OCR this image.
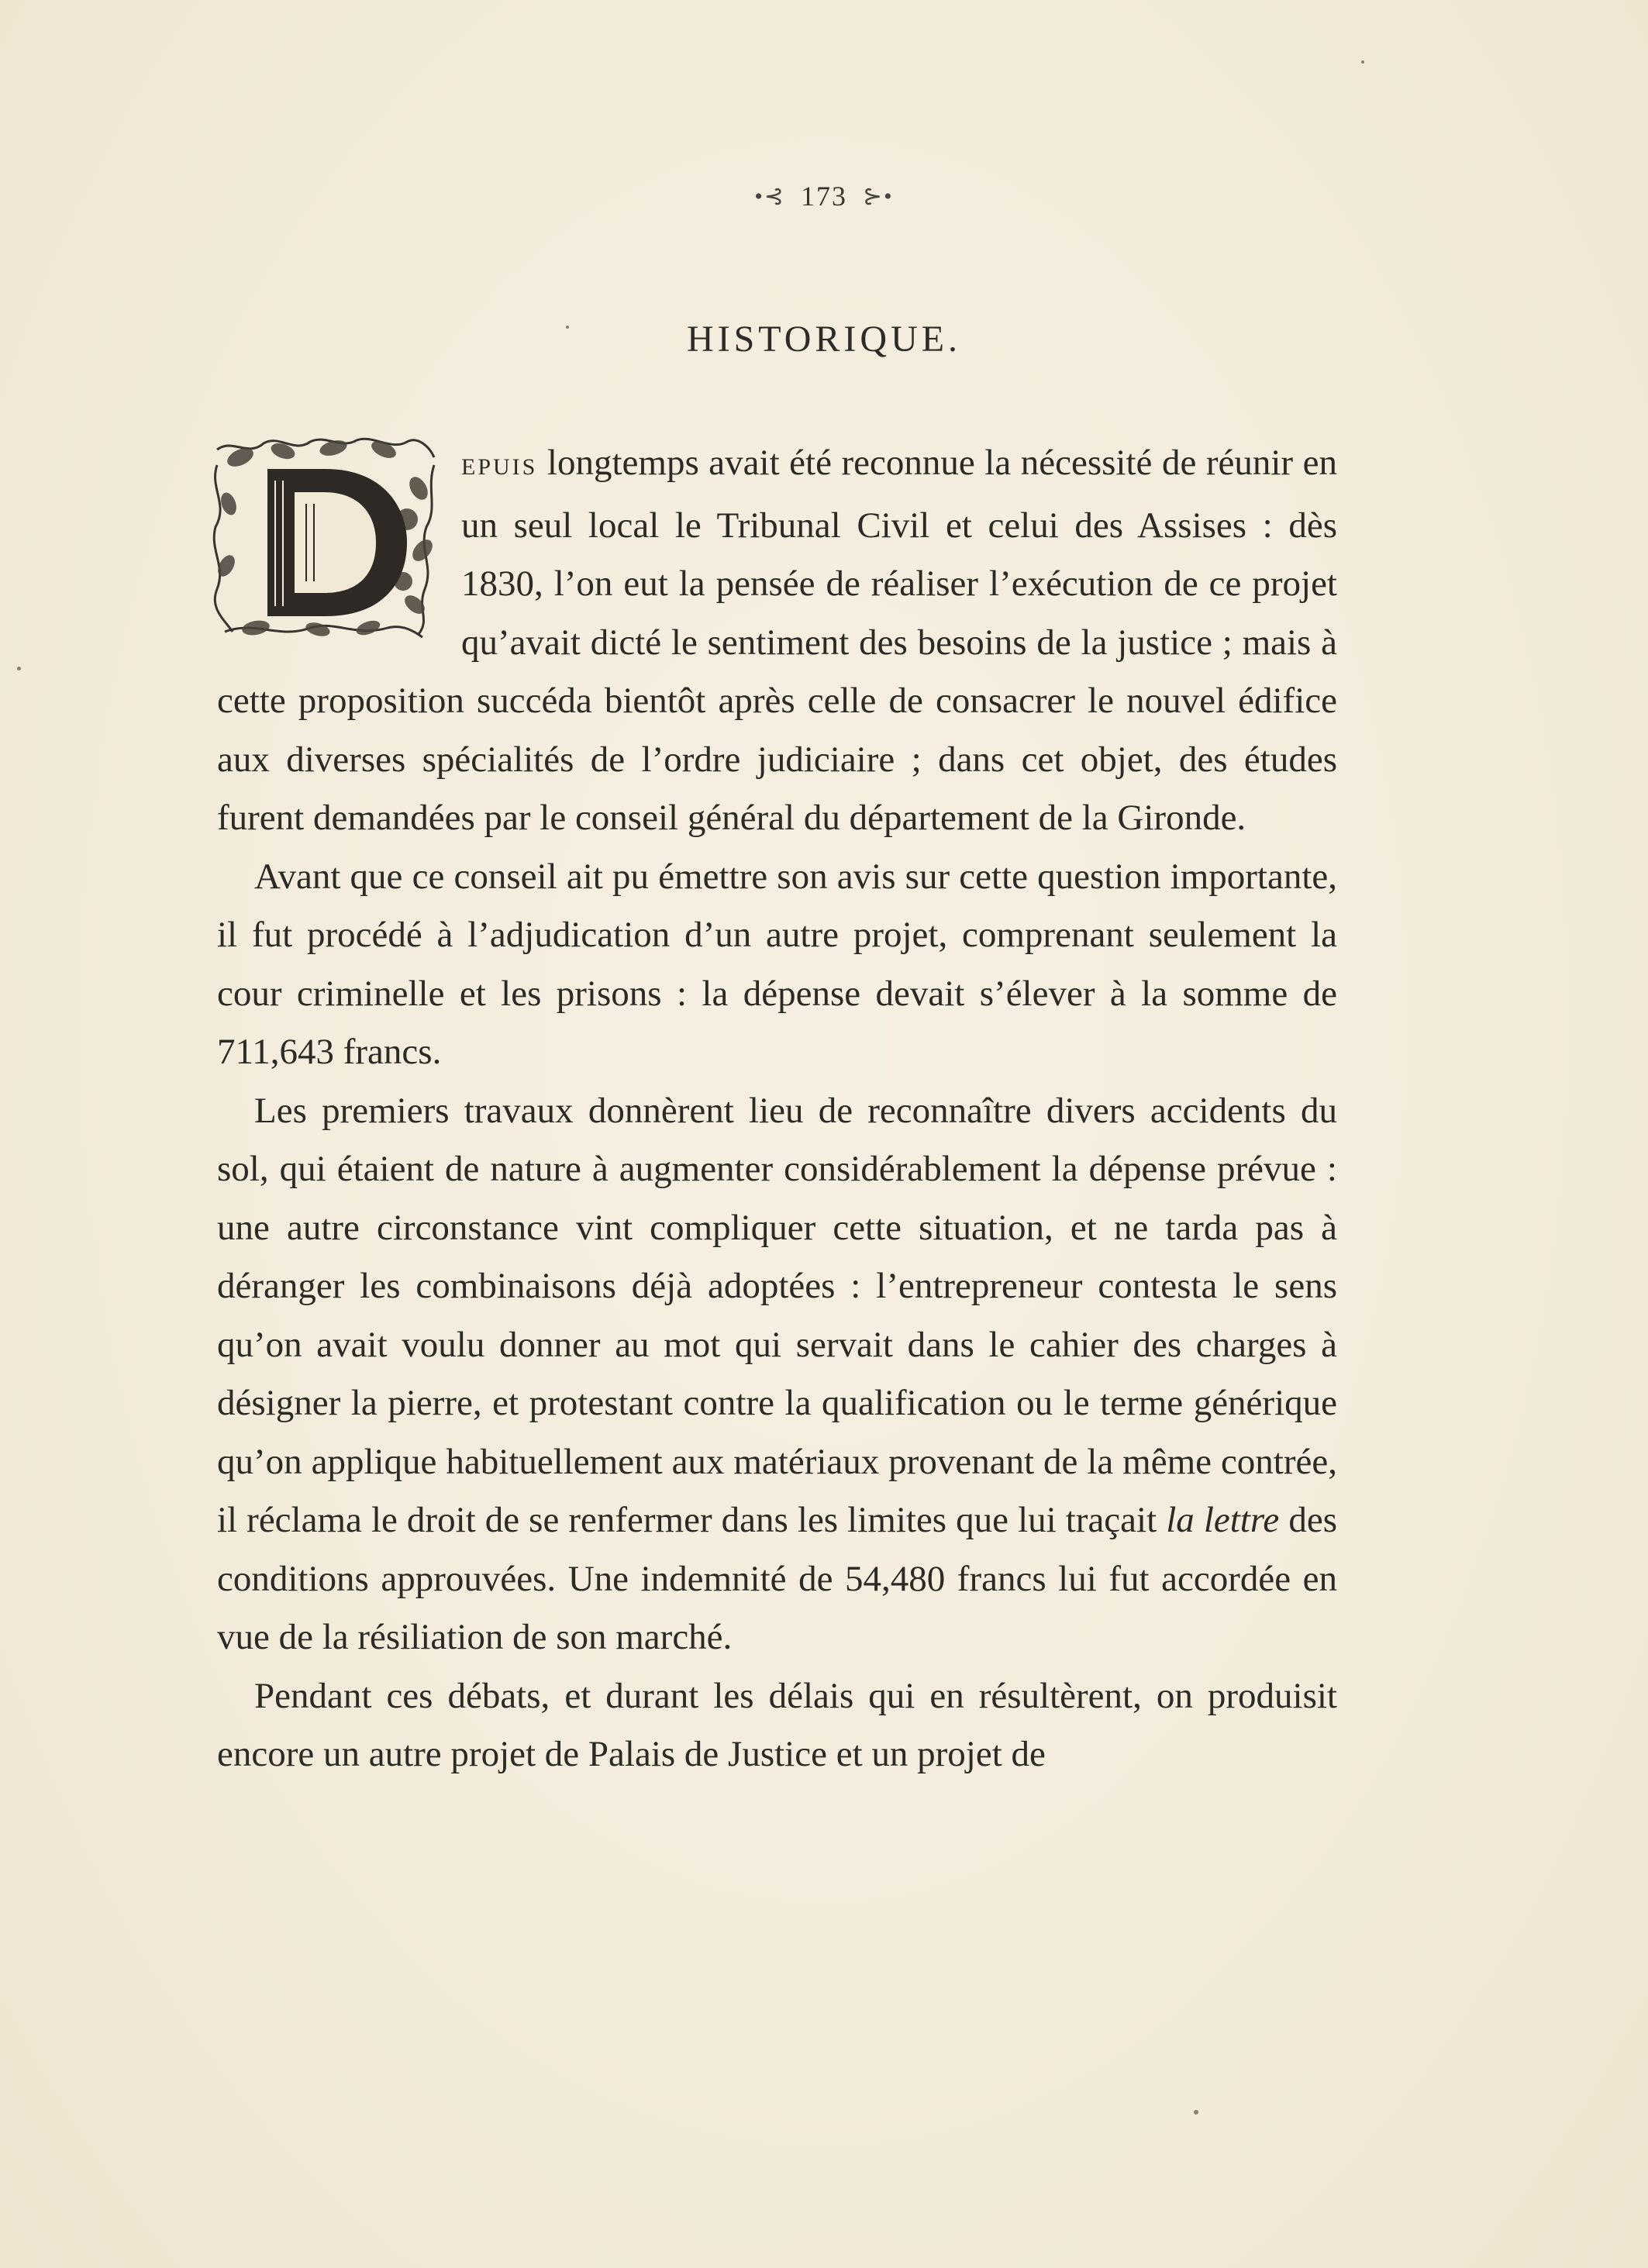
•⊰ 173 ⊱•
HISTORIQUE.

EPUIS longtemps avait été reconnue la nécessité de réunir en un seul local le Tribunal Civil et celui des Assises : dès 1830, l’on eut la pensée de réaliser l’exécution de ce projet qu’avait dicté le sentiment des besoins de la justice ; mais à cette proposition succéda bientôt après celle de consacrer le nouvel édifice aux diverses spécialités de l’ordre judiciaire ; dans cet objet, des études furent demandées par le conseil général du département de la Gironde.

Avant que ce conseil ait pu émettre son avis sur cette question importante, il fut procédé à l’adjudication d’un autre projet, comprenant seulement la cour criminelle et les prisons : la dépense devait s’élever à la somme de 711,643 francs.

Les premiers travaux donnèrent lieu de reconnaître divers accidents du sol, qui étaient de nature à augmenter considérablement la dépense prévue : une autre circonstance vint compliquer cette situation, et ne tarda pas à déranger les combinaisons déjà adoptées : l’entrepreneur contesta le sens qu’on avait voulu donner au mot qui servait dans le cahier des charges à désigner la pierre, et protestant contre la qualification ou le terme générique qu’on applique habituellement aux matériaux provenant de la même contrée, il réclama le droit de se renfermer dans les limites que lui traçait la lettre des conditions approuvées. Une indemnité de 54,480 francs lui fut accordée en vue de la résiliation de son marché.

Pendant ces débats, et durant les délais qui en résultèrent, on produisit encore un autre projet de Palais de Justice et un projet de
